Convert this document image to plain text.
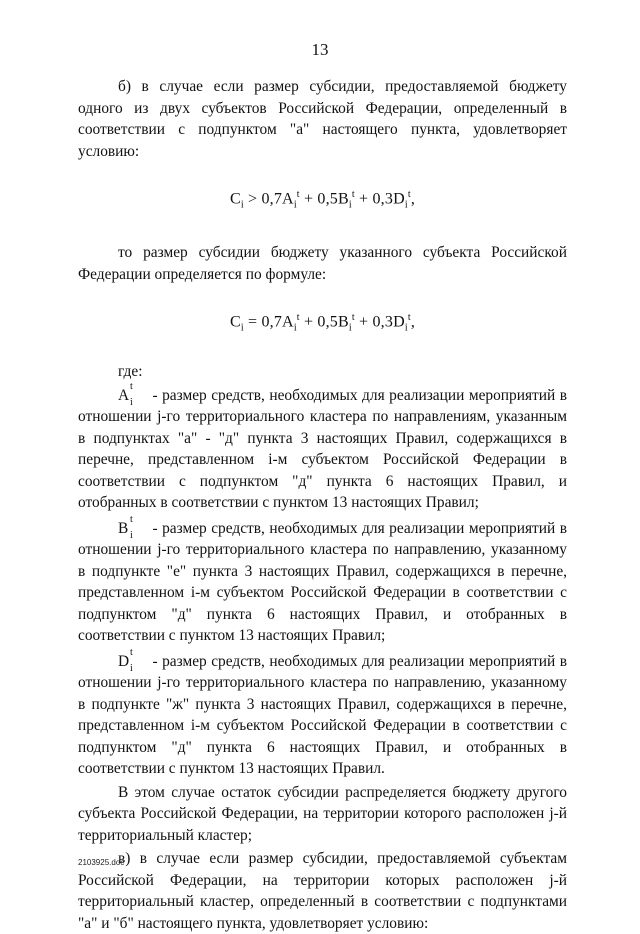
13
б) в случае если размер субсидии, предоставляемой бюджету одного из двух субъектов Российской Федерации, определенный в соответствии с подпунктом "а" настоящего пункта, удовлетворяет условию:
$C_i > 0,7A_i^t + 0,5B_i^t + 0,3D_i^t$,
то размер субсидии бюджету указанного субъекта Российской Федерации определяется по формуле:
$C_i = 0,7A_i^t + 0,5B_i^t + 0,3D_i^t$,
где:
A
t
i - размер средств, необходимых для реализации мероприятий в отношении j-го территориального кластера по направлениям, указанным в подпунктах "а" - "д" пункта 3 настоящих Правил, содержащихся в перечне, представленном i-м субъектом Российской Федерации в соответствии с подпунктом "д" пункта 6 настоящих Правил, и отобранных в соответствии с пунктом 13 настоящих Правил;
B
t
i - размер средств, необходимых для реализации мероприятий в отношении j-го территориального кластера по направлению, указанному в подпункте "е" пункта 3 настоящих Правил, содержащихся в перечне, представленном i-м субъектом Российской Федерации в соответствии с подпунктом "д" пункта 6 настоящих Правил, и отобранных в соответствии с пунктом 13 настоящих Правил;
D
t
i - размер средств, необходимых для реализации мероприятий в отношении j-го территориального кластера по направлению, указанному в подпункте "ж" пункта 3 настоящих Правил, содержащихся в перечне, представленном i-м субъектом Российской Федерации в соответствии с подпунктом "д" пункта 6 настоящих Правил, и отобранных в соответствии с пунктом 13 настоящих Правил.
В этом случае остаток субсидии распределяется бюджету другого субъекта Российской Федерации, на территории которого расположен j-й территориальный кластер;
в) в случае если размер субсидии, предоставляемой субъектам Российской Федерации, на территории которых расположен j-й территориальный кластер, определенный в соответствии с подпунктами "а" и "б" настоящего пункта, удовлетворяет условию:
2103925.doc
